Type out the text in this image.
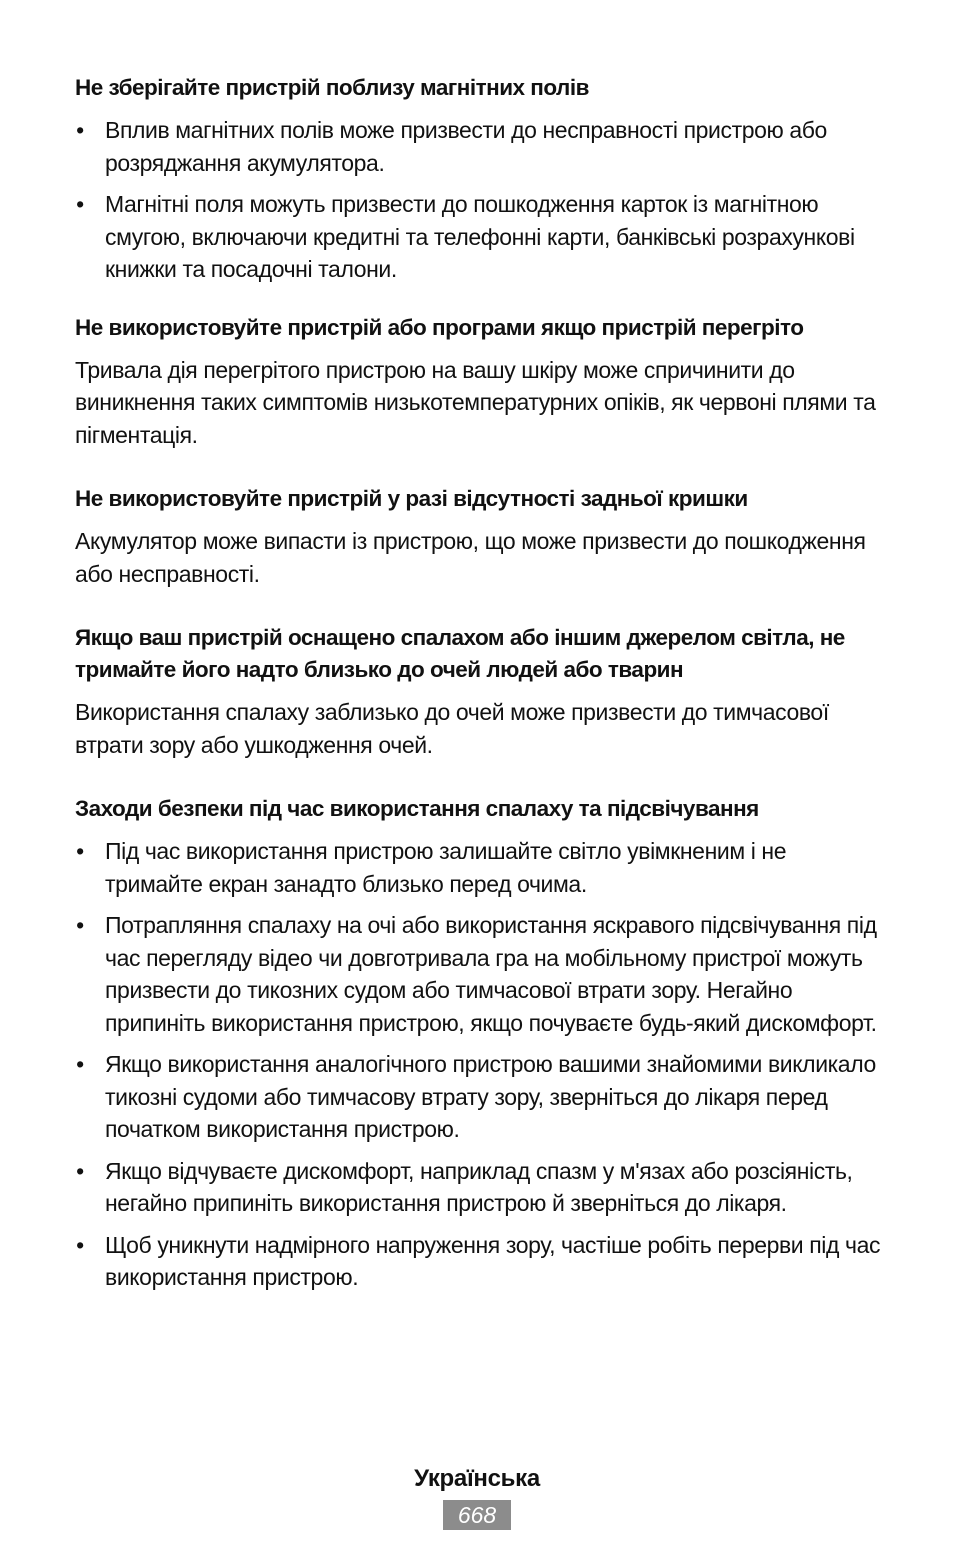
Не зберігайте пристрій поблизу магнітних полів
• Вплив магнітних полів може призвести до несправності пристрою або розряджання акумулятора.
• Магнітні поля можуть призвести до пошкодження карток із магнітною смугою, включаючи кредитні та телефонні карти, банківські розрахункові книжки та посадочні талони.
Не використовуйте пристрій або програми якщо пристрій перегріто

Тривала дія перегрітого пристрою на вашу шкіру може спричинити до виникнення таких симптомів низькотемпературних опіків, як червоні плями та пігментація.

Не використовуйте пристрій у разі відсутності задньої кришки

Акумулятор може випасти із пристрою, що може призвести до пошкодження або несправності.

Якщо ваш пристрій оснащено спалахом або іншим джерелом світла, не тримайте його надто близько до очей людей або тварин

Використання спалаху заблизько до очей може призвести до тимчасової втрати зору або ушкодження очей.

Заходи безпеки під час використання спалаху та підсвічування
• Під час використання пристрою залишайте світло увімкненим і не тримайте екран занадто близько перед очима.
• Потрапляння спалаху на очі або використання яскравого підсвічування під час перегляду відео чи довготривала гра на мобільному пристрої можуть призвести до тикозних судом або тимчасової втрати зору. Негайно припиніть використання пристрою, якщо почуваєте будь-який дискомфорт.
• Якщо використання аналогічного пристрою вашими знайомими викликало тикозні судоми або тимчасову втрату зору, зверніться до лікаря перед початком використання пристрою.
• Якщо відчуваєте дискомфорт, наприклад спазм у м'язах або розсіяність, негайно припиніть використання пристрою й зверніться до лікаря.
• Щоб уникнути надмірного напруження зору, частіше робіть перерви під час використання пристрою.
Українська
668
